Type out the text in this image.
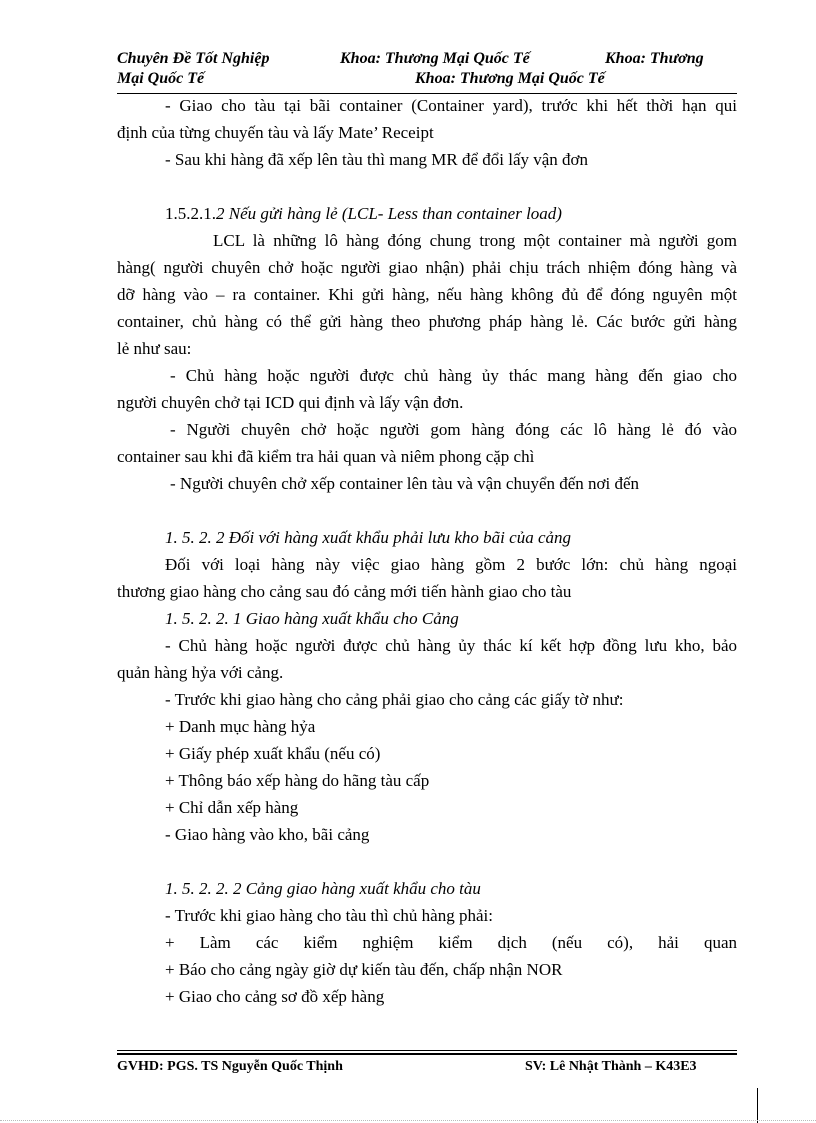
Chuyên Đề Tốt Nghiệp	Khoa: Thương Mại Quốc Tế	Khoa: Thương
Mại Quốc Tế	Khoa: Thương Mại Quốc Tế
- Giao cho tàu tại bãi container (Container yard), trước khi hết thời hạn qui
định của từng chuyến tàu và lấy Mate’ Receipt
- Sau khi hàng đã xếp lên tàu thì mang MR để đổi lấy vận đơn
1.5.2.1.2 Nếu gửi hàng lẻ (LCL- Less than container load)
LCL là những lô hàng đóng chung trong một container mà người gom
hàng( người chuyên chở hoặc người giao nhận) phải chịu trách nhiệm đóng hàng và
dỡ hàng vào – ra container. Khi gửi hàng, nếu hàng không đủ để đóng nguyên một
container, chủ hàng có thể gửi hàng theo phương pháp hàng lẻ. Các bước gửi hàng
lẻ như sau:
- Chủ hàng hoặc người được chủ hàng ủy thác mang hàng đến giao cho
người chuyên chở tại ICD qui định và lấy vận đơn.
- Người chuyên chở hoặc người gom hàng đóng các lô hàng lẻ đó vào
container sau khi đã kiểm tra hải quan và niêm phong cặp chì
- Người chuyên chở xếp container lên tàu và vận chuyển đến nơi đến
1. 5. 2. 2 Đối với hàng xuất khẩu phải lưu kho bãi của cảng
Đối với loại hàng này việc giao hàng gồm 2 bước lớn: chủ hàng ngoại
thương giao hàng cho cảng sau đó cảng mới tiến hành giao cho tàu
1. 5. 2. 2. 1 Giao hàng xuất khẩu cho Cảng
- Chủ hàng hoặc người được chủ hàng ủy thác kí kết hợp đồng lưu kho, bảo
quản hàng hỷa với cảng.
- Trước khi giao hàng cho cảng phải giao cho cảng các giấy tờ như:
+ Danh mục hàng hỷa
+ Giấy phép xuất khẩu (nếu có)
+ Thông báo xếp hàng do hãng tàu cấp
+ Chỉ dẫn xếp hàng
- Giao hàng vào kho, bãi cảng
1. 5. 2. 2. 2 Cảng giao hàng xuất khẩu cho tàu
- Trước khi giao hàng cho tàu thì chủ hàng phải:
+ Làm các kiểm nghiệm kiểm dịch (nếu có), hải quan
+ Báo cho cảng ngày giờ dự kiến tàu đến, chấp nhận NOR
+ Giao cho cảng sơ đồ xếp hàng
GVHD: PGS. TS Nguyễn Quốc Thịnh	SV: Lê Nhật Thành – K43E3
